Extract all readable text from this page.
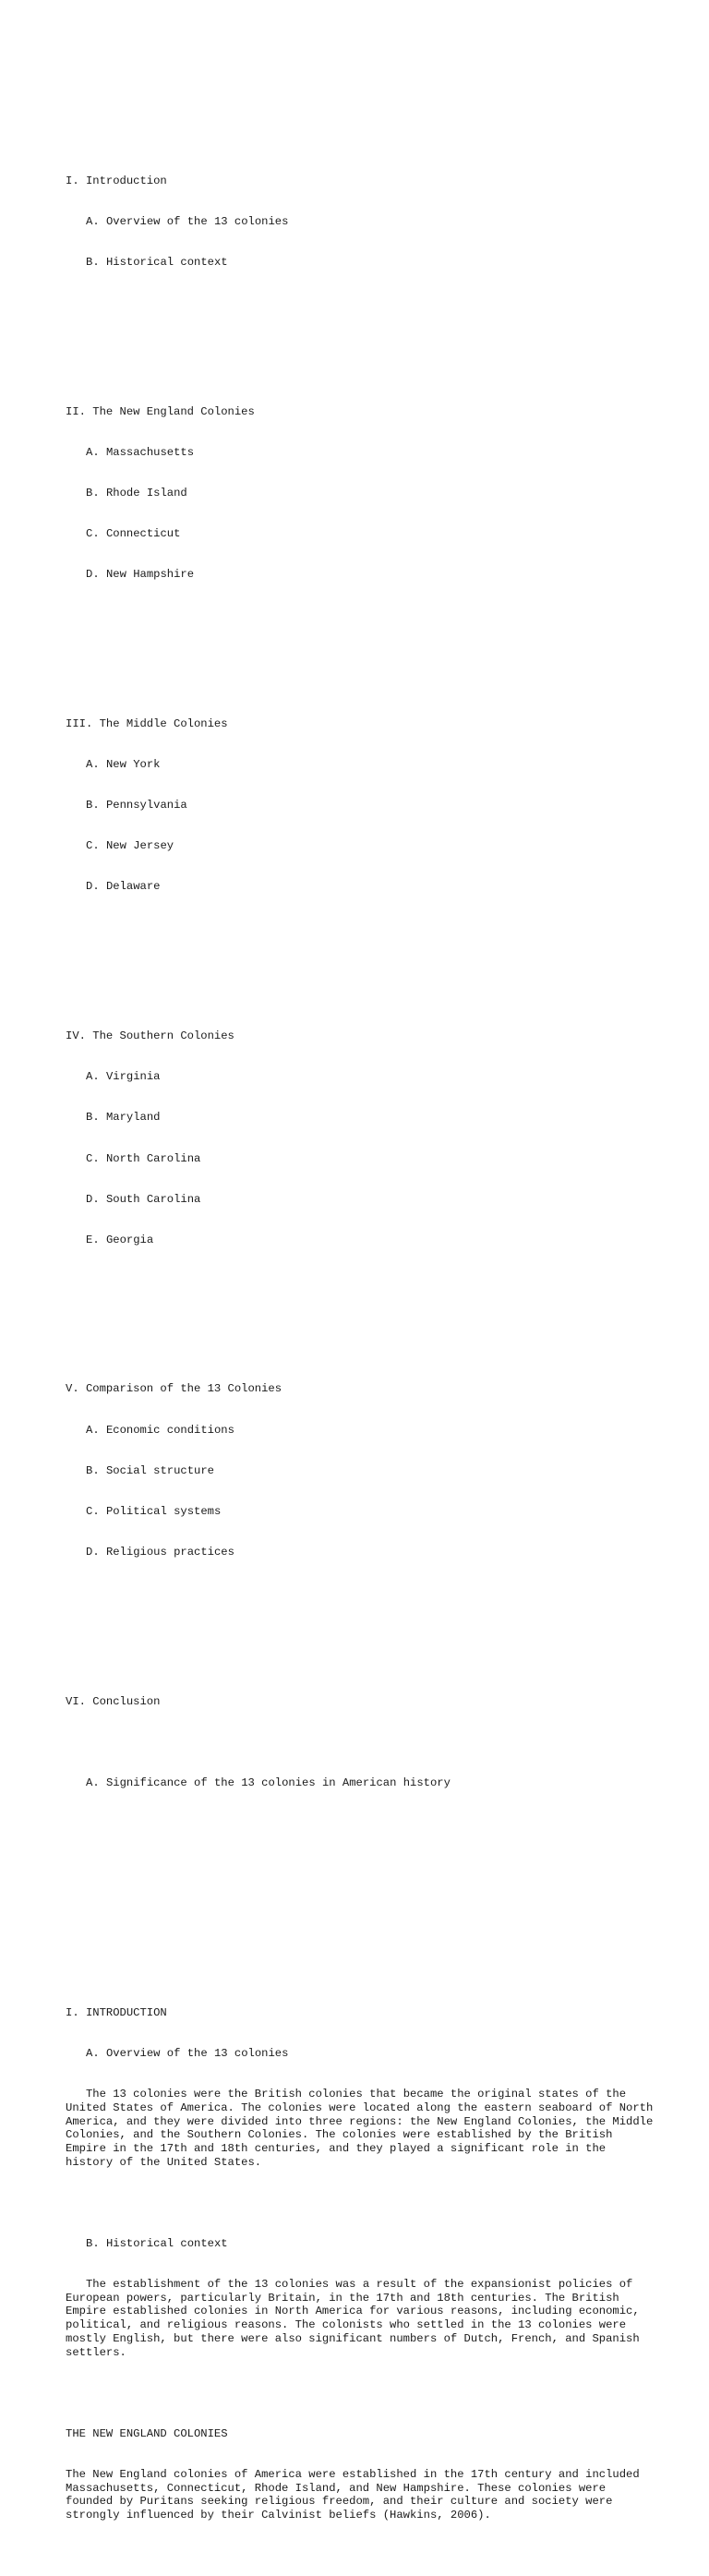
I. Introduction

A. Overview of the 13 colonies

B. Historical context

II. The New England Colonies

A. Massachusetts

B. Rhode Island

C. Connecticut

D. New Hampshire

III. The Middle Colonies

A. New York

B. Pennsylvania

C. New Jersey

D. Delaware

IV. The Southern Colonies

A. Virginia

B. Maryland

C. North Carolina

D. South Carolina

E. Georgia

V. Comparison of the 13 Colonies

A. Economic conditions

B. Social structure

C. Political systems

D. Religious practices

VI. Conclusion

A. Significance of the 13 colonies in American history

I. INTRODUCTION

A. Overview of the 13 colonies

The 13 colonies were the British colonies that became the original states of the United States of America. The colonies were located along the eastern seaboard of North America, and they were divided into three regions: the New England Colonies, the Middle Colonies, and the Southern Colonies. The colonies were established by the British Empire in the 17th and 18th centuries, and they played a significant role in the history of the United States.

B. Historical context

The establishment of the 13 colonies was a result of the expansionist policies of European powers, particularly Britain, in the 17th and 18th centuries. The British Empire established colonies in North America for various reasons, including economic, political, and religious reasons. The colonists who settled in the 13 colonies were mostly English, but there were also significant numbers of Dutch, French, and Spanish settlers.

THE NEW ENGLAND COLONIES

The New England colonies of America were established in the 17th century and included Massachusetts, Connecticut, Rhode Island, and New Hampshire. These colonies were founded by Puritans seeking religious freedom, and their culture and society were strongly influenced by their Calvinist beliefs (Hawkins, 2006).
